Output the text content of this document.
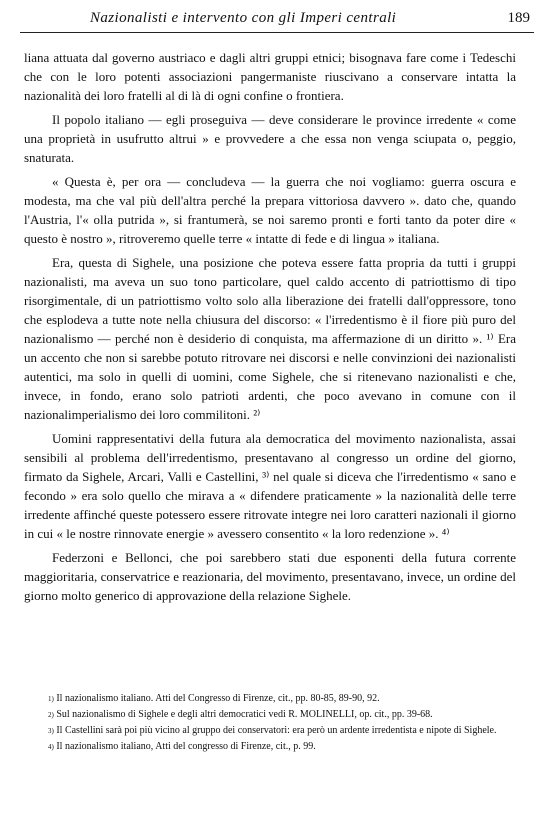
Nazionalisti e intervento con gli Imperi centrali	189

liana attuata dal governo austriaco e dagli altri gruppi etnici; bisognava fare come i Tedeschi che con le loro potenti associazioni pangermaniste riuscivano a conservare intatta la nazionalità dei loro fratelli al di là di ogni confine o frontiera.

Il popolo italiano — egli proseguiva — deve considerare le province irredente « come una proprietà in usufrutto altrui » e provvedere a che essa non venga sciupata o, peggio, snaturata.

« Questa è, per ora — concludeva — la guerra che noi vogliamo: guerra oscura e modesta, ma che val più dell'altra perché la prepara vittoriosa davvero ». dato che, quando l'Austria, l'« olla putrida », si frantumerà, se noi saremo pronti e forti tanto da poter dire « questo è nostro », ritroveremo quelle terre « intatte di fede e di lingua » italiana.

Era, questa di Sighele, una posizione che poteva essere fatta propria da tutti i gruppi nazionalisti, ma aveva un suo tono particolare, quel caldo accento di patriottismo di tipo risorgimentale, di un patriottismo volto solo alla liberazione dei fratelli dall'oppressore, tono che esplodeva a tutte note nella chiusura del discorso: « l'irredentismo è il fiore più puro del nazionalismo — perché non è desiderio di conquista, ma affermazione di un diritto ». ¹⁾ Era un accento che non si sarebbe potuto ritrovare nei discorsi e nelle convinzioni dei nazionalisti autentici, ma solo in quelli di uomini, come Sighele, che si ritenevano nazionalisti e che, invece, in fondo, erano solo patrioti ardenti, che poco avevano in comune con il nazionalimperialismo dei loro commilitoni. ²⁾

Uomini rappresentativi della futura ala democratica del movimento nazionalista, assai sensibili al problema dell'irredentismo, presentavano al congresso un ordine del giorno, firmato da Sighele, Arcari, Valli e Castellini, ³⁾ nel quale si diceva che l'irredentismo « sano e fecondo » era solo quello che mirava a « difendere praticamente » la nazionalità delle terre irredente affinché queste potessero essere ritrovate integre nei loro caratteri nazionali il giorno in cui « le nostre rinnovate energie » avessero consentito « la loro redenzione ». ⁴⁾

Federzoni e Bellonci, che poi sarebbero stati due esponenti della futura corrente maggioritaria, conservatrice e reazionaria, del movimento, presentavano, invece, un ordine del giorno molto generico di approvazione della relazione Sighele.

$^{1)}$ Il nazionalismo italiano. Atti del Congresso di Firenze, cit., pp. 80-85, 89-90, 92.

$^{2)}$ Sul nazionalismo di Sighele e degli altri democratici vedi R. MOLINELLI, op. cit., pp. 39-68.

$^{3)}$ Il Castellini sarà poi più vicino al gruppo dei conservatori: era però un ardente irredentista e nipote di Sighele.

$^{4)}$ Il nazionalismo italiano, Atti del congresso di Firenze, cit., p. 99.
